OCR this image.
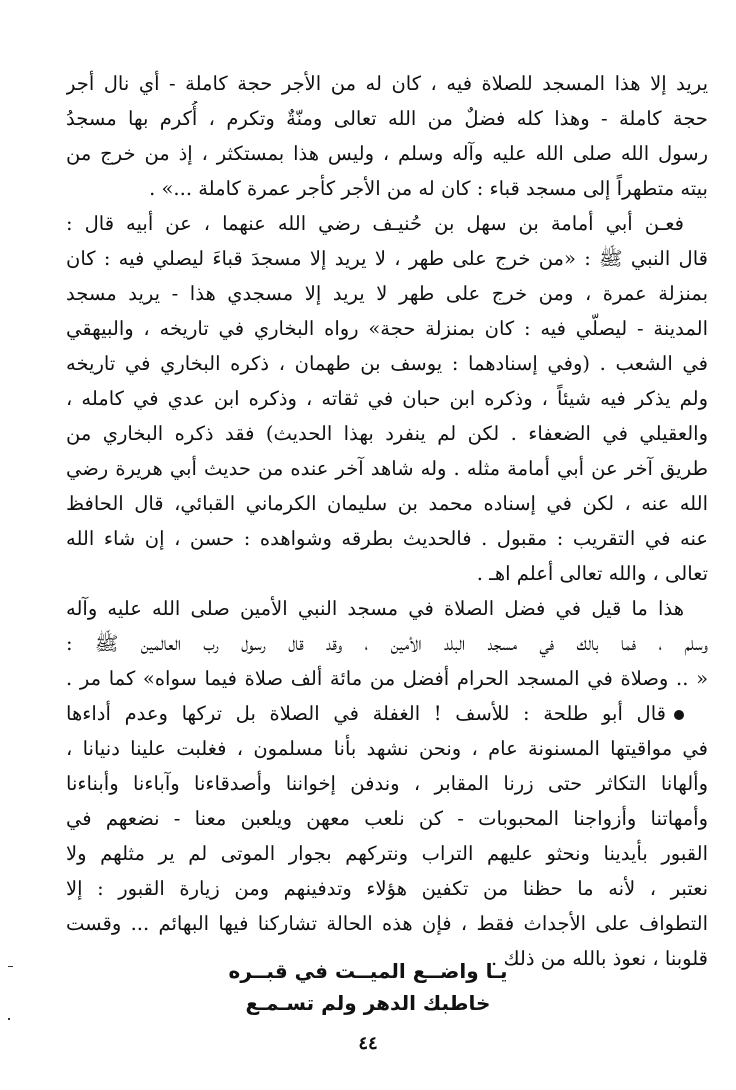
يريد إلا هذا المسجد للصلاة فيه ، كان له من الأجر حجة كاملة - أي نال أجر
حجة كاملة - وهذا كله فضلٌ من الله تعالى ومنّةٌ وتكرم ، أُكرم بها مسجدُ
رسول الله صلى الله عليه وآله وسلم ، وليس هذا بمستكثر ، إذ من خرج من
بيته متطهراً إلى مسجد قباء : كان له من الأجر كأجر عمرة كاملة ...» .
فعـن أبي أمامة بن سهل بن حُنيـف رضي الله عنهما ، عن أبيه قال :
قال النبي ﷺ : «من خرج على طهر ، لا يريد إلا مسجدَ قباءَ ليصلي فيه : كان
بمنزلة عمرة ، ومن خرج على طهر لا يريد إلا مسجدي هذا - يريد مسجد
المدينة - ليصلّي فيه : كان بمنزلة حجة» رواه البخاري في تاريخه ، والبيهقي
في الشعب . (وفي إسنادهما : يوسف بن طهمان ، ذكره البخاري في تاريخه
ولم يذكر فيه شيئاً ، وذكره ابن حبان في ثقاته ، وذكره ابن عدي في كامله ،
والعقيلي في الضعفاء . لكن لم ينفرد بهذا الحديث) فقد ذكره البخاري من
طريق آخر عن أبي أمامة مثله . وله شاهد آخر عنده من حديث أبي هريرة رضي
الله عنه ، لكن في إسناده محمد بن سليمان الكرماني القبائي، قال الحافظ
عنه في التقريب : مقبول . فالحديث بطرقه وشواهده : حسن ، إن شاء الله
تعالى ، والله تعالى أعلم اهـ .
هذا ما قيل في فضل الصلاة في مسجد النبي الأمين صلى الله عليه وآله
وسلم ، فما بالك في مسجد البلد الأمين ، وقد قال رسول رب العالمين ﷺ :
« .. وصلاة في المسجد الحرام أفضل من مائة ألف صلاة فيما سواه» كما مر .
قال أبو طلحة : للأسف ! الغفلة في الصلاة بل تركها وعدم أداءها
في مواقيتها المسنونة عام ، ونحن نشهد بأنا مسلمون ، فغلبت علينا دنيانا ،
وألهانا التكاثر حتى زرنا المقابر ، وندفن إخواننا وأصدقاءنا وآباءنا وأبناءنا
وأمهاتنا وأزواجنا المحبوبات - كن نلعب معهن ويلعبن معنا - نضعهم في
القبور بأيدينا ونحثو عليهم التراب ونتركهم بجوار الموتى لم ير مثلهم ولا
نعتبر ، لأنه ما حظنا من تكفين هؤلاء وتدفينهم ومن زيارة القبور : إلا
التطواف على الأجداث فقط ، فإن هذه الحالة تشاركنا فيها البهائم ... وقست
قلوبنا ، نعوذ بالله من ذلك .
يـا واضــع الميــت في قبــره
خاطبك الدهر ولم تسـمـع
٤٤
